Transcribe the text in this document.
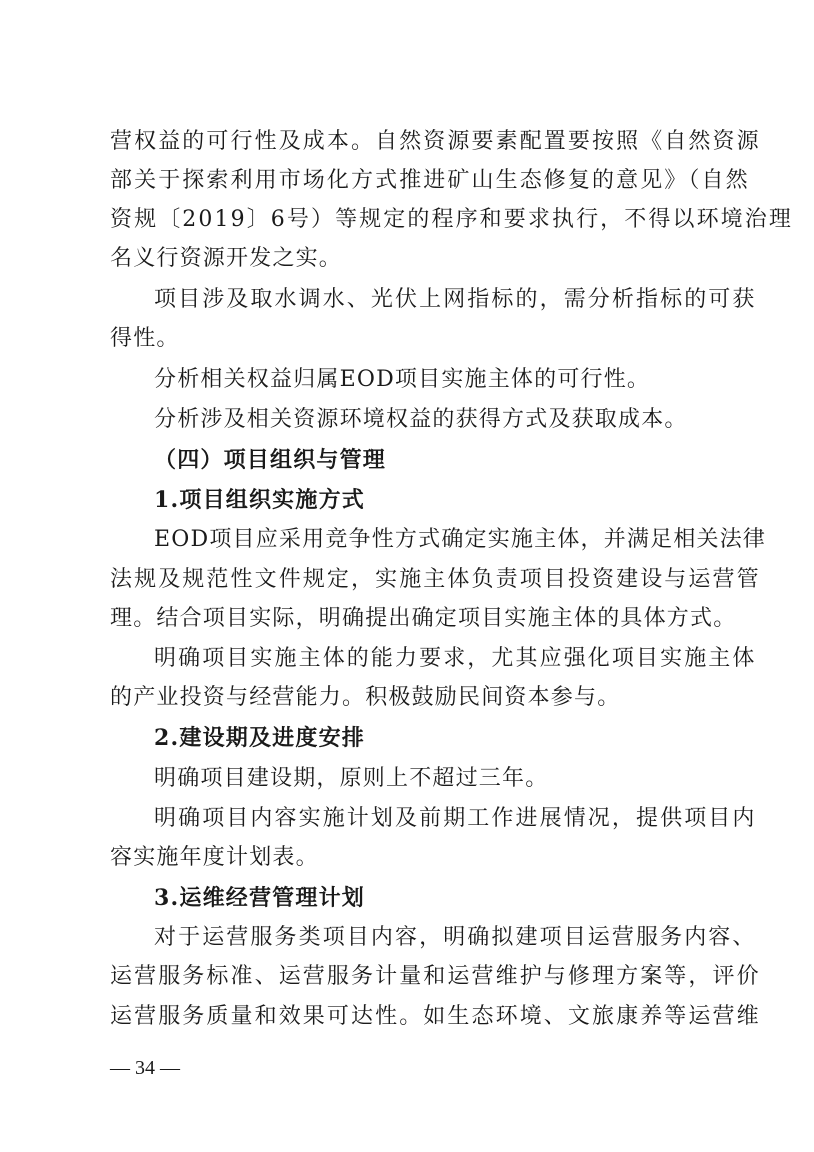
营权益的可行性及成本。自然资源要素配置要按照《自然资源
部关于探索利用市场化方式推进矿山生态修复的意见》（自然
资规〔2019〕6号）等规定的程序和要求执行，不得以环境治理
名义行资源开发之实。
项目涉及取水调水、光伏上网指标的，需分析指标的可获
得性。
分析相关权益归属EOD项目实施主体的可行性。
分析涉及相关资源环境权益的获得方式及获取成本。
（四）项目组织与管理
1.项目组织实施方式
EOD项目应采用竞争性方式确定实施主体，并满足相关法律
法规及规范性文件规定，实施主体负责项目投资建设与运营管
理。结合项目实际，明确提出确定项目实施主体的具体方式。
明确项目实施主体的能力要求，尤其应强化项目实施主体
的产业投资与经营能力。积极鼓励民间资本参与。
2.建设期及进度安排
明确项目建设期，原则上不超过三年。
明确项目内容实施计划及前期工作进展情况，提供项目内
容实施年度计划表。
3.运维经营管理计划
对于运营服务类项目内容，明确拟建项目运营服务内容、
运营服务标准、运营服务计量和运营维护与修理方案等，评价
运营服务质量和效果可达性。如生态环境、文旅康养等运营维
— 34 —
